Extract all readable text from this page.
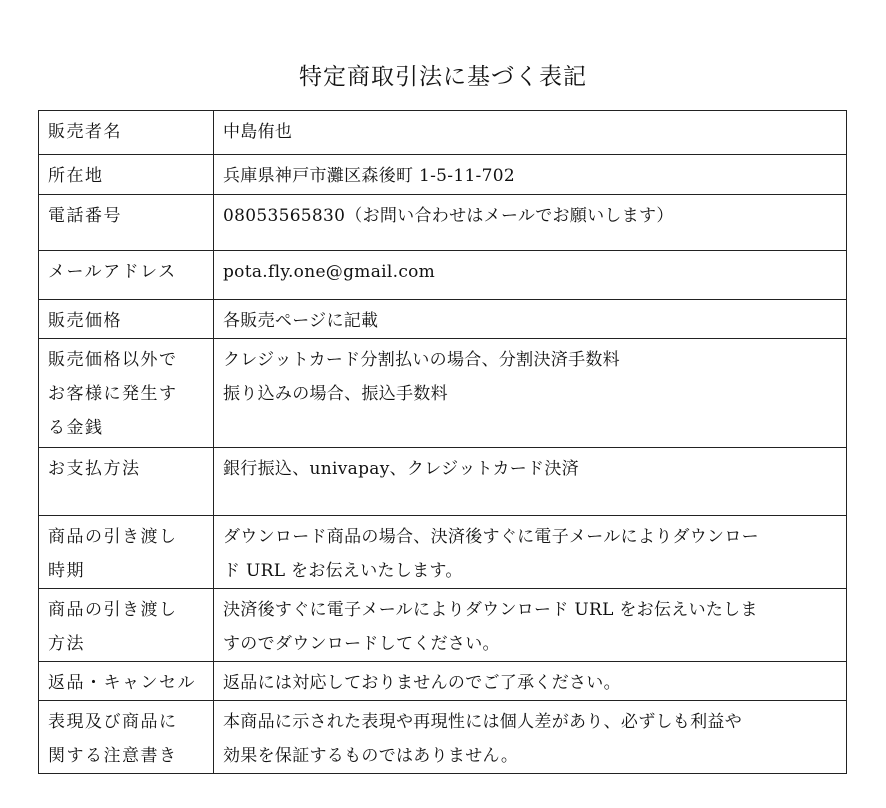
特定商取引法に基づく表記
販売者名	中島侑也

所在地	兵庫県神戸市灘区森後町 1-5-11-702

電話番号	08053565830（お問い合わせはメールでお願いします）

メールアドレス	pota.fly.one@gmail.com

販売価格	各販売ページに記載

販売価格以外で
お客様に発生す
る金銭	クレジットカード分割払いの場合、分割決済手数料
振り込みの場合、振込手数料

お支払方法	銀行振込、univapay、クレジットカード決済

商品の引き渡し
時期	ダウンロード商品の場合、決済後すぐに電子メールによりダウンロー
ド URL をお伝えいたします。

商品の引き渡し
方法	決済後すぐに電子メールによりダウンロード URL をお伝えいたしま
すのでダウンロードしてください。

返品・キャンセル	返品には対応しておりませんのでご了承ください。

表現及び商品に
関する注意書き	本商品に示された表現や再現性には個人差があり、必ずしも利益や
効果を保証するものではありません。
